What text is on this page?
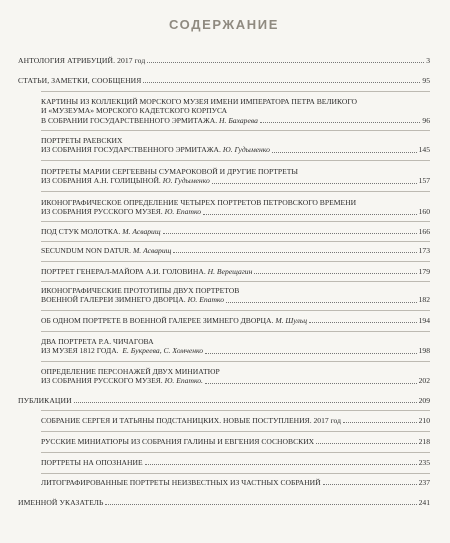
СОДЕРЖАНИЕ
АНТОЛОГИЯ АТРИБУЦИЙ. 2017 год	3
СТАТЬИ, ЗАМЕТКИ, СООБЩЕНИЯ	95
КАРТИНЫ ИЗ КОЛЛЕКЦИЙ МОРСКОГО МУЗЕЯ ИМЕНИ ИМПЕРАТОРА ПЕТРА ВЕЛИКОГО
И «МУЗЕУМА» МОРСКОГО КАДЕТСКОГО КОРПУСА
В СОБРАНИИ ГОСУДАРСТВЕННОГО ЭРМИТАЖА.
Н. Бахарева	96
ПОРТРЕТЫ РАЕВСКИХ
ИЗ СОБРАНИЯ ГОСУДАРСТВЕННОГО ЭРМИТАЖА.
Ю. Гудыменко	145
ПОРТРЕТЫ МАРИИ СЕРГЕЕВНЫ СУМАРОКОВОЙ И ДРУГИЕ ПОРТРЕТЫ
ИЗ СОБРАНИЯ А.Н. ГОЛИЦЫНОЙ.
Ю. Гудыменко	157
ИКОНОГРАФИЧЕСКОЕ ОПРЕДЕЛЕНИЕ ЧЕТЫРЕХ ПОРТРЕТОВ ПЕТРОВСКОГО ВРЕМЕНИ
ИЗ СОБРАНИЯ РУССКОГО МУЗЕЯ.
Ю. Епатко	160
ПОД СТУК МОЛОТКА.
М. Асварищ	166
SECUNDUM NON DATUR.
М. Асварищ	173
ПОРТРЕТ ГЕНЕРАЛ-МАЙОРА А.И. ГОЛОВИНА.
Н. Верещагин	179
ИКОНОГРАФИЧЕСКИЕ ПРОТОТИПЫ ДВУХ ПОРТРЕТОВ
ВОЕННОЙ ГАЛЕРЕИ ЗИМНЕГО ДВОРЦА.
Ю. Епатко	182
ОБ ОДНОМ ПОРТРЕТЕ В ВОЕННОЙ ГАЛЕРЕЕ ЗИМНЕГО ДВОРЦА.
М. Шульц	194
ДВА ПОРТРЕТА Р.А. ЧИЧАГОВА
ИЗ МУЗЕЯ 1812 ГОДА.
Е. Букреева, С. Хомченко	198
ОПРЕДЕЛЕНИЕ ПЕРСОНАЖЕЙ ДВУХ МИНИАТЮР
ИЗ СОБРАНИЯ РУССКОГО МУЗЕЯ.
Ю. Епатко.	202
ПУБЛИКАЦИИ	209
СОБРАНИЕ СЕРГЕЯ И ТАТЬЯНЫ ПОДСТАНИЦКИХ. НОВЫЕ ПОСТУПЛЕНИЯ. 2017 год	210
РУССКИЕ МИНИАТЮРЫ ИЗ СОБРАНИЯ ГАЛИНЫ И ЕВГЕНИЯ СОСНОВСКИХ	218
ПОРТРЕТЫ НА ОПОЗНАНИЕ	235
ЛИТОГРАФИРОВАННЫЕ ПОРТРЕТЫ НЕИЗВЕСТНЫХ ИЗ ЧАСТНЫХ СОБРАНИЙ	237
ИМЕННОЙ УКАЗАТЕЛЬ	241
